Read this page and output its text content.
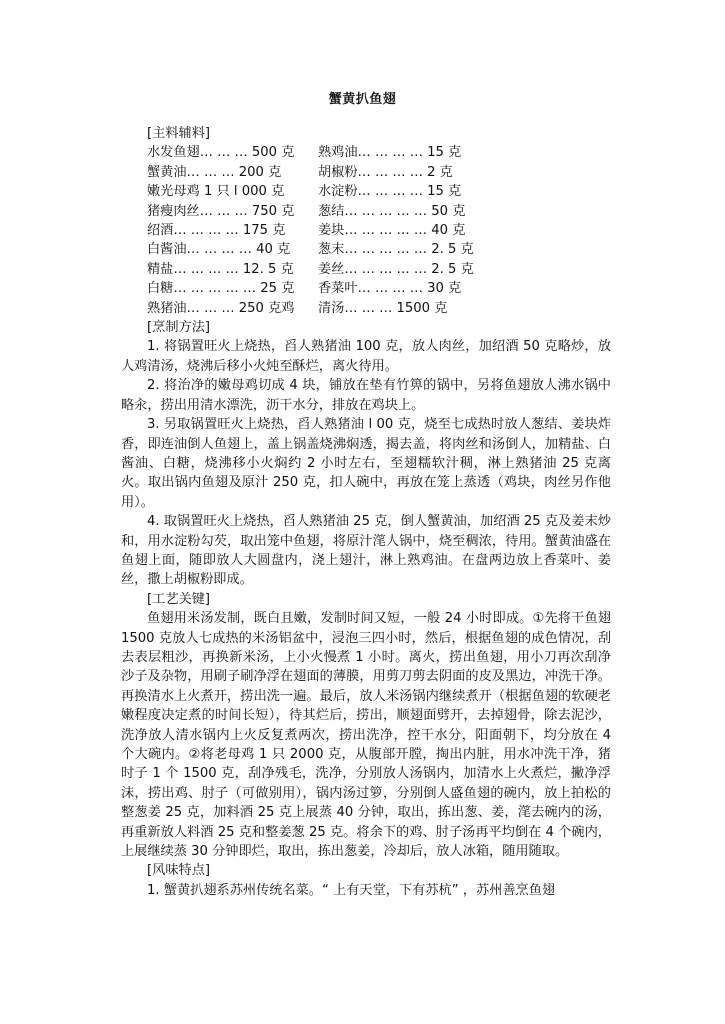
蟹黄扒鱼翅
[主料辅料]
水发鱼翅… … … 500 克	熟鸡油… … … … 15 克
蟹黄油… … … 200 克	胡椒粉… … … … 2 克
嫩光母鸡 1 只 l 000 克	水淀粉… … … … 15 克
猪瘦肉丝… … … 750 克	葱结… … … … … 50 克
绍酒… … … … 175 克	姜块… … … … … 40 克
白酱油… … … … 40 克	葱末… … … … … 2. 5 克
精盐… … … … 12. 5 克	姜丝… … … … … 2. 5 克
白糖… … … … … 25 克	香菜叶… … … … 30 克
熟猪油… … … 250 克鸡	清汤… … … 1500 克
[烹制方法]

1. 将锅置旺火上烧热，舀人熟猪油 100 克，放人肉丝，加绍酒 50 克略炒，放人鸡清汤，烧沸后移小火炖至酥烂，离火待用。

2. 将治净的嫩母鸡切成 4 块，铺放在垫有竹箅的锅中，另将鱼翅放人沸水锅中略汆，捞出用清水漂洗，沥干水分，排放在鸡块上。

3. 另取锅置旺火上烧热，舀人熟猪油 l 00 克，烧至七成热时放人葱结、姜块炸香，即连油倒人鱼翅上，盖上锅盖烧沸焖透，揭去盖，将肉丝和汤倒人，加精盐、白酱油、白糖，烧沸移小火焖约 2 小时左右，至翅糯软汁稠，淋上熟猪油 25 克离火。取出锅内鱼翅及原汁 250 克，扣人碗中，再放在笼上蒸透（鸡块，肉丝另作他用）。

4. 取锅置旺火上烧热，舀人熟猪油 25 克，倒人蟹黄油，加绍酒 25 克及姜末炒和，用水淀粉勾芡，取出笼中鱼翅，将原汁滗人锅中，烧至稠浓，待用。蟹黄油盛在鱼翅上面，随即放人大圆盘内，浇上翅汁，淋上熟鸡油。在盘两边放上香菜叶、姜丝，撒上胡椒粉即成。

[工艺关键]

鱼翅用米汤发制，既白且嫩，发制时间又短，一般 24 小时即成。①先将干鱼翅 1500 克放人七成热的米汤铝盆中，浸泡三四小时，然后，根据鱼翅的成色情况，刮去表层粗沙，再换新米汤，上小火慢煮 1 小时。离火，捞出鱼翅，用小刀再次刮净沙子及杂物，用刷子刷净浮在翅面的薄膜，用剪刀剪去阴面的皮及黑边，冲洗干净。再换清水上火煮开，捞出洗一遍。最后，放人米汤锅内继续煮开（根据鱼翅的软硬老嫩程度决定煮的时间长短），待其烂后，捞出，顺翅面劈开，去掉翅骨，除去泥沙，洗净放人清水锅内上火反复煮两次，捞出洗净，控干水分，阳面朝下，均分放在 4 个大碗内。②将老母鸡 1 只 2000 克，从腹部开膛，掏出内脏，用水冲洗干净，猪时子 1 个 1500 克，刮净残毛，洗净，分别放人汤锅内，加清水上火煮烂，撇净浮沫，捞出鸡、肘子（可做别用），锅内汤过箩，分别倒人盛鱼翅的碗内，放上拍松的整葱姜 25 克，加料酒 25 克上展蒸 40 分钟，取出，拣出葱、姜，滗去碗内的汤，再重新放人料酒 25 克和整姜葱 25 克。将余下的鸡、肘子汤再平均倒在 4 个碗内，上展继续蒸 30 分钟即烂，取出，拣出葱姜，冷却后，放人冰箱，随用随取。

[风味特点]

1. 蟹黄扒翅系苏州传统名菜。“ 上有天堂，下有苏杭” ，苏州善烹鱼翅
